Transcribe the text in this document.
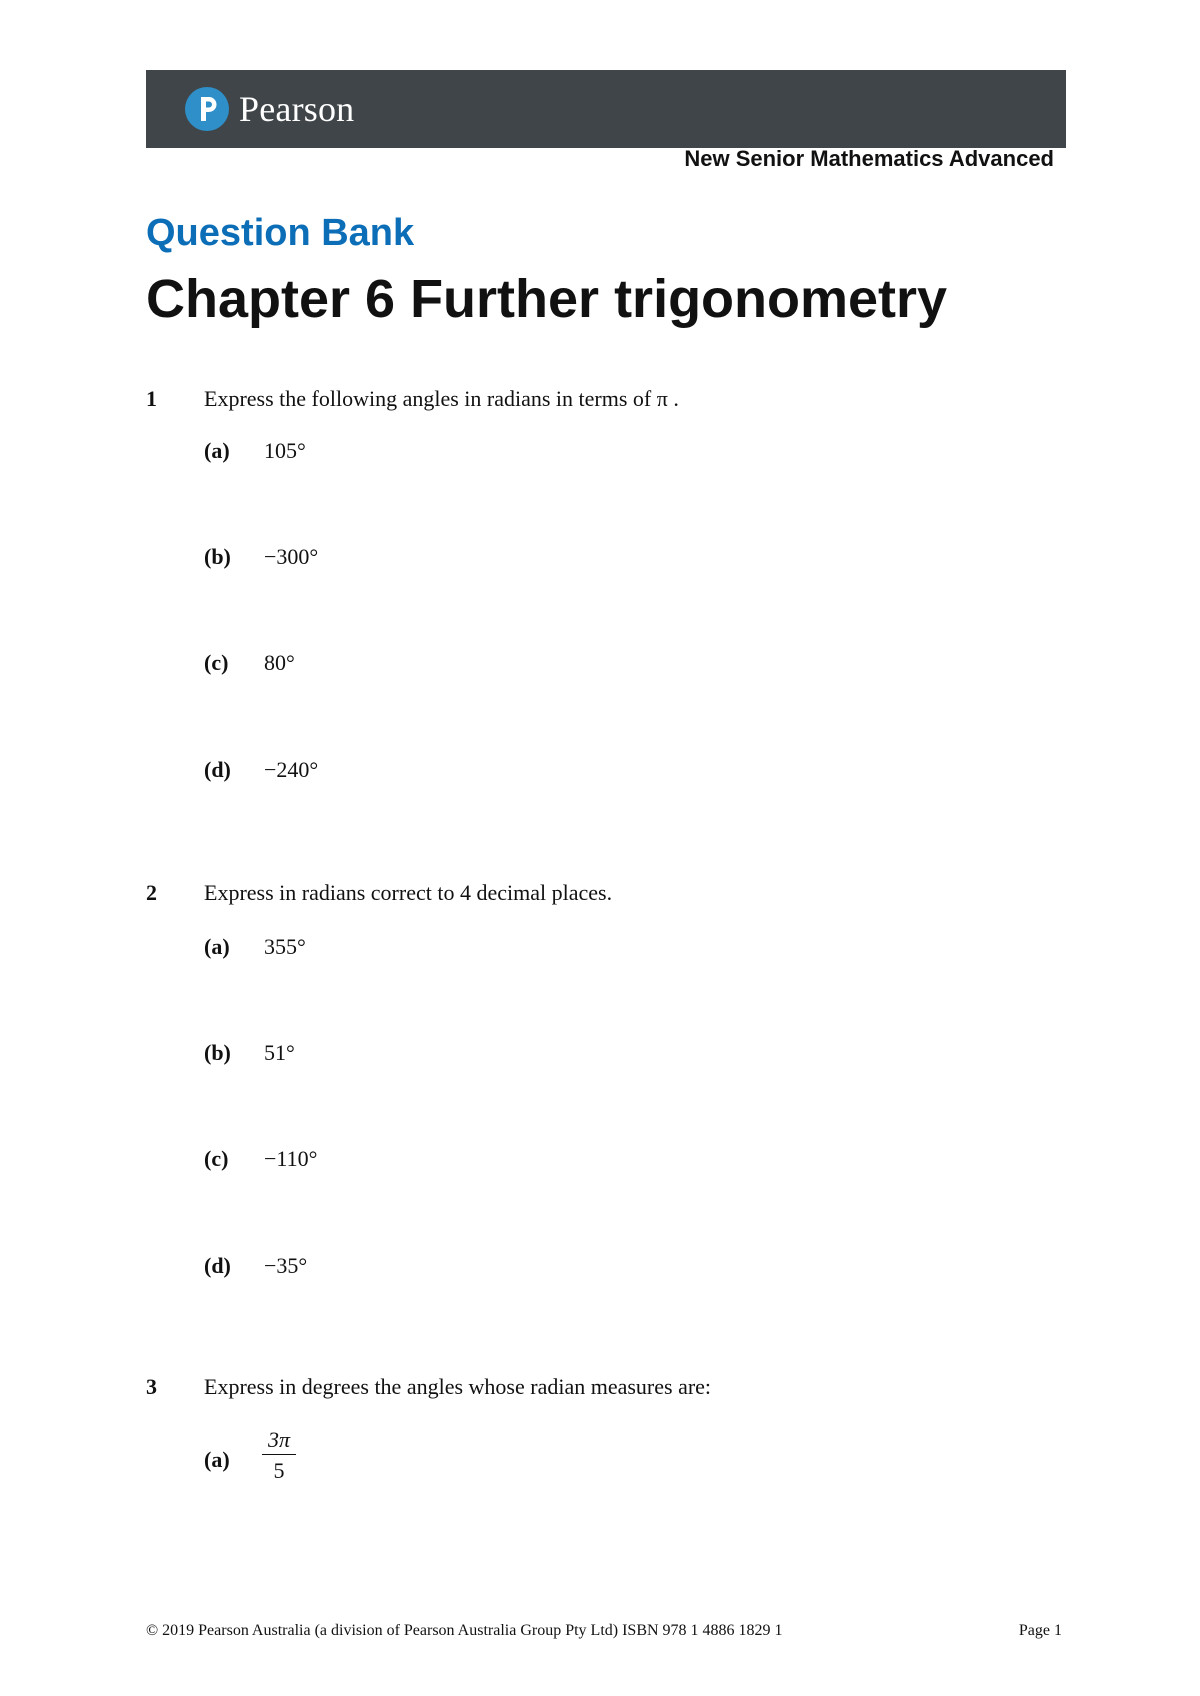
Pearson
New Senior Mathematics Advanced
Question Bank
Chapter 6 Further trigonometry
1 Express the following angles in radians in terms of π .
(a) 105°
(b) −300°
(c) 80°
(d) −240°
2 Express in radians correct to 4 decimal places.
(a) 355°
(b) 51°
(c) −110°
(d) −35°
3 Express in degrees the angles whose radian measures are:
(a)
3π
5
© 2019 Pearson Australia (a division of Pearson Australia Group Pty Ltd) ISBN 978 1 4886 1829 1	Page 1
